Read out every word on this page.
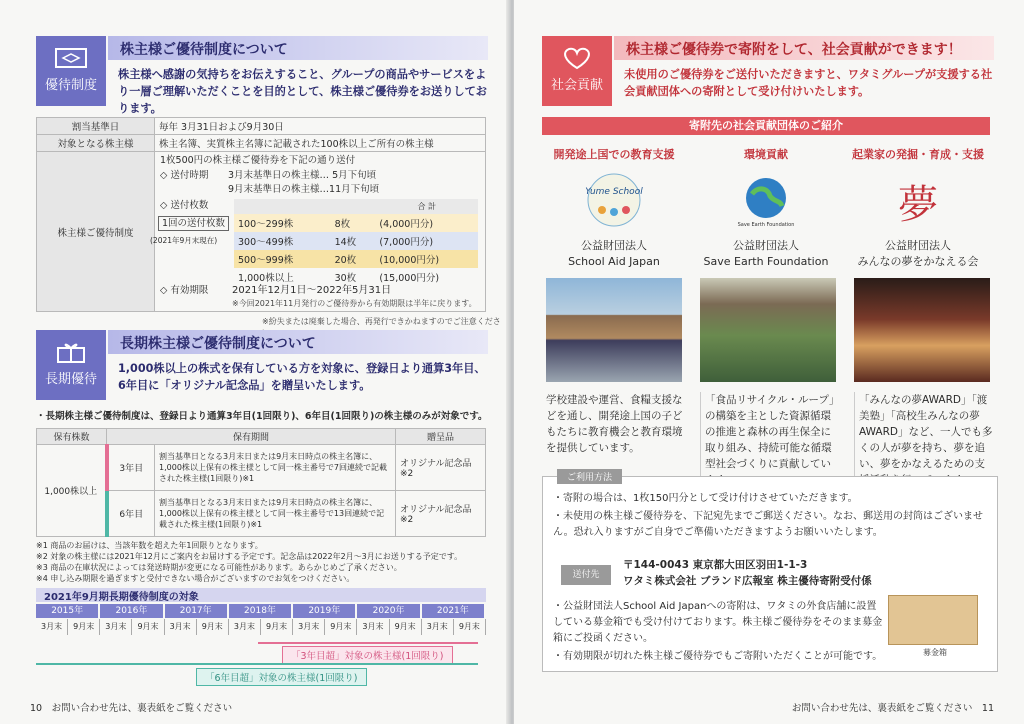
優待制度
株主様ご優待制度について
株主様へ感謝の気持ちをお伝えすること、グループの商品やサービスをより一層ご理解いただくことを目的として、株主様ご優待券をお送りしております。
割当基準日	毎年 3月31日および9月30日
対象となる株主様	株主名簿、実質株主名簿に記載された100株以上ご所有の株主様
株主様ご優待制度	
1枚500円の株主様ご優待券を下記の通り送付
◇ 送付時期 3月末基準日の株主様… 5月下旬頃
9月末基準日の株主様…11月下旬頃
◇ 送付枚数
1回の送付枚数
(2021年9月末現在)
		合 計
100～299株	8枚	(4,000円分)
300～499株	14枚	(7,000円分)
500～999株	20枚	(10,000円分)
1,000株以上	30枚	(15,000円分)
◇ 有効期限 2021年12月1日～2022年5月31日
※今回2021年11月発行のご優待券から有効期限は半年に戻ります。
※紛失または廃棄した場合、再発行できかねますのでご注意くださ
長期優待
長期株主様ご優待制度について
1,000株以上の株式を保有している方を対象に、登録日より通算3年目、6年目に「オリジナル記念品」を贈呈いたします。
・長期株主様ご優待制度は、登録日より通算3年目(1回限り)、6年目(1回限り)の株主様のみが対象です。
保有株数	保有期間		贈呈品
1,000株以上	3年目	割当基準日となる3月末日または9月末日時点の株主名簿に、1,000株以上保有の株主様として同一株主番号で7回連続で記載された株主様(1回限り)※1	オリジナル記念品※2
	6年目	割当基準日となる3月末日または9月末日時点の株主名簿に、1,000株以上保有の株主様として同一株主番号で13回連続で記載された株主様(1回限り)※1	オリジナル記念品※2
※1 商品のお届けは、当該年数を超えた年1回限りとなります。
※2 対象の株主様には2021年12月にご案内をお届けする予定です。記念品は2022年2月～3月にお送りする予定です。
※3 商品の在庫状況によっては発送時期が変更になる可能性があります。あらかじめご了承ください。
※4 申し込み期限を過ぎますと受付できない場合がございますのでお気をつけください。
2021年9月期長期優待制度の対象
2015年	2016年	2017年	2018年	2019年	2020年	2021年
3月末	9月末	3月末	9月末	3月末	9月末	3月末	9月末	3月末	9月末	3月末	9月末	3月末	9月末
「3年目超」対象の株主様(1回限り)
「6年目超」対象の株主様(1回限り)
10　お問い合わせ先は、裏表紙をご覧ください
社会貢献
株主様ご優待券で寄附をして、社会貢献ができます！
未使用のご優待券をご送付いただきますと、ワタミグループが支援する社会貢献団体への寄附として受け付けいたします。
寄附先の社会貢献団体のご紹介
開発途上国での教育支援
Yume School
公益財団法人
School Aid Japan
環境貢献
Save Earth Foundation
公益財団法人
Save Earth Foundation
起業家の発掘・育成・支援
夢
公益財団法人
みんなの夢をかなえる会
学校建設や運営、食糧支援などを通し、開発途上国の子どもたちに教育機会と教育環境を提供しています。
「食品リサイクル・ループ」の構築を主とした資源循環の推進と森林の再生保全に取り組み、持続可能な循環型社会づくりに貢献してい
「みんなの夢AWARD」「渡美塾」「高校生みんなの夢AWARD」など、一人でも多くの人が夢を持ち、夢を追い、夢をかなえるための支
ご利用方法
・寄附の場合は、1枚150円分として受け付けさせていただきます。
・未使用の株主様ご優待券を、下記宛先までご郵送ください。なお、郵送用の封筒はございません。恐れ入りますがご自身でご準備いただきますようお願いいたします。
送付先
〒144-0043 東京都大田区羽田1-1-3
ワタミ株式会社 ブランド広報室 株主優待寄附受付係
・公益財団法人School Aid Japanへの寄附は、ワタミの外食店舗に設置している募金箱でも受け付けております。株主様ご優待券をそのまま募金箱にご投函ください。
募金箱
・有効期限が切れた株主様ご優待券でもご寄附いただくことが可能です。
お問い合わせ先は、裏表紙をご覧ください　11
